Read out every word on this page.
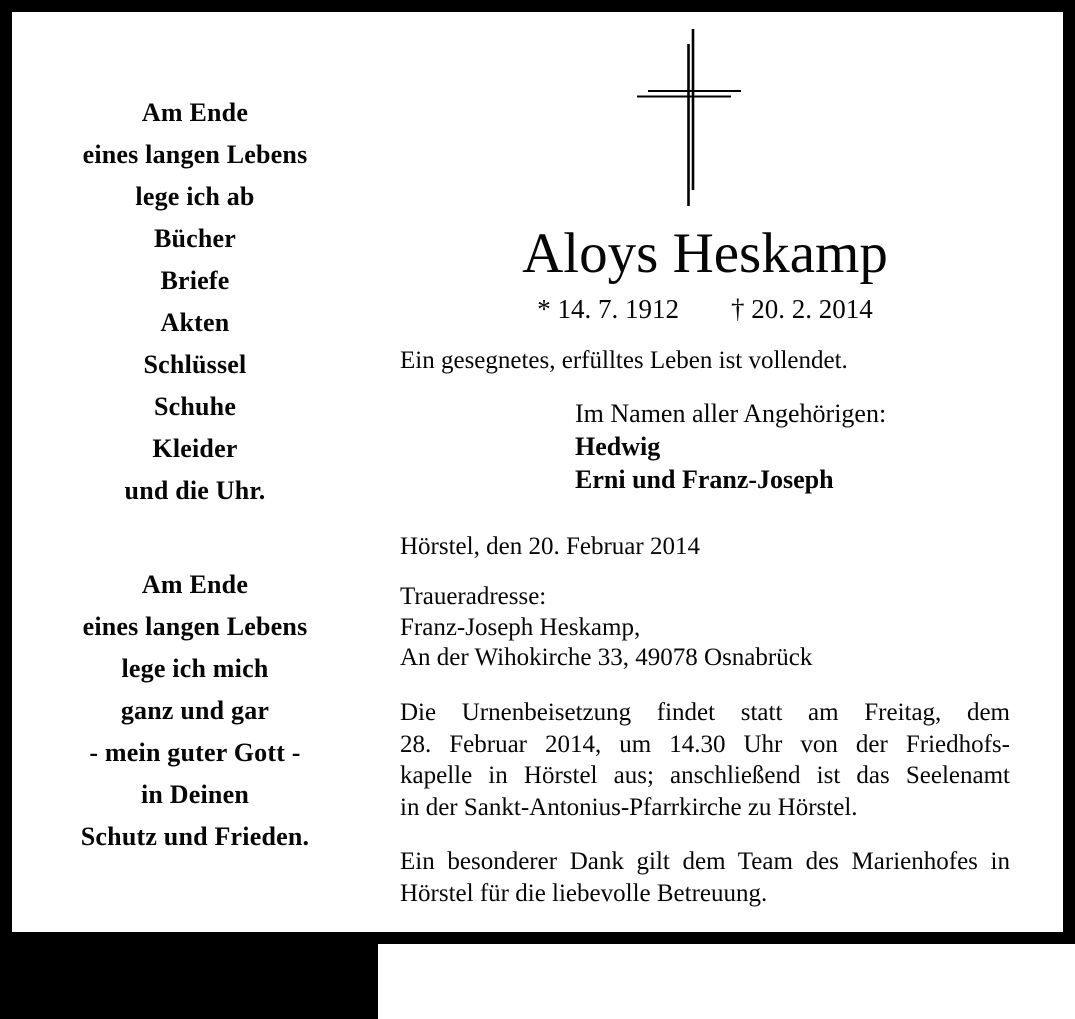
Am Ende
eines langen Lebens
lege ich ab
Bücher
Briefe
Akten
Schlüssel
Schuhe
Kleider
und die Uhr.
Am Ende
eines langen Lebens
lege ich mich
ganz und gar
- mein guter Gott -
in Deinen
Schutz und Frieden.
Aloys Heskamp
* 14. 7. 1912 † 20. 2. 2014
Ein gesegnetes, erfülltes Leben ist vollendet.
Im Namen aller Angehörigen:
Hedwig
Erni und Franz-Joseph
Hörstel, den 20. Februar 2014
Traueradresse:
Franz-Joseph Heskamp,
An der Wihokirche 33, 49078 Osnabrück
Die Urnenbeisetzung findet statt am Freitag, dem
28. Februar 2014, um 14.30 Uhr von der Friedhofs-
kapelle in Hörstel aus; anschließend ist das Seelenamt
in der Sankt-Antonius-Pfarrkirche zu Hörstel.
Ein besonderer Dank gilt dem Team des Marienhofes in
Hörstel für die liebevolle Betreuung.
